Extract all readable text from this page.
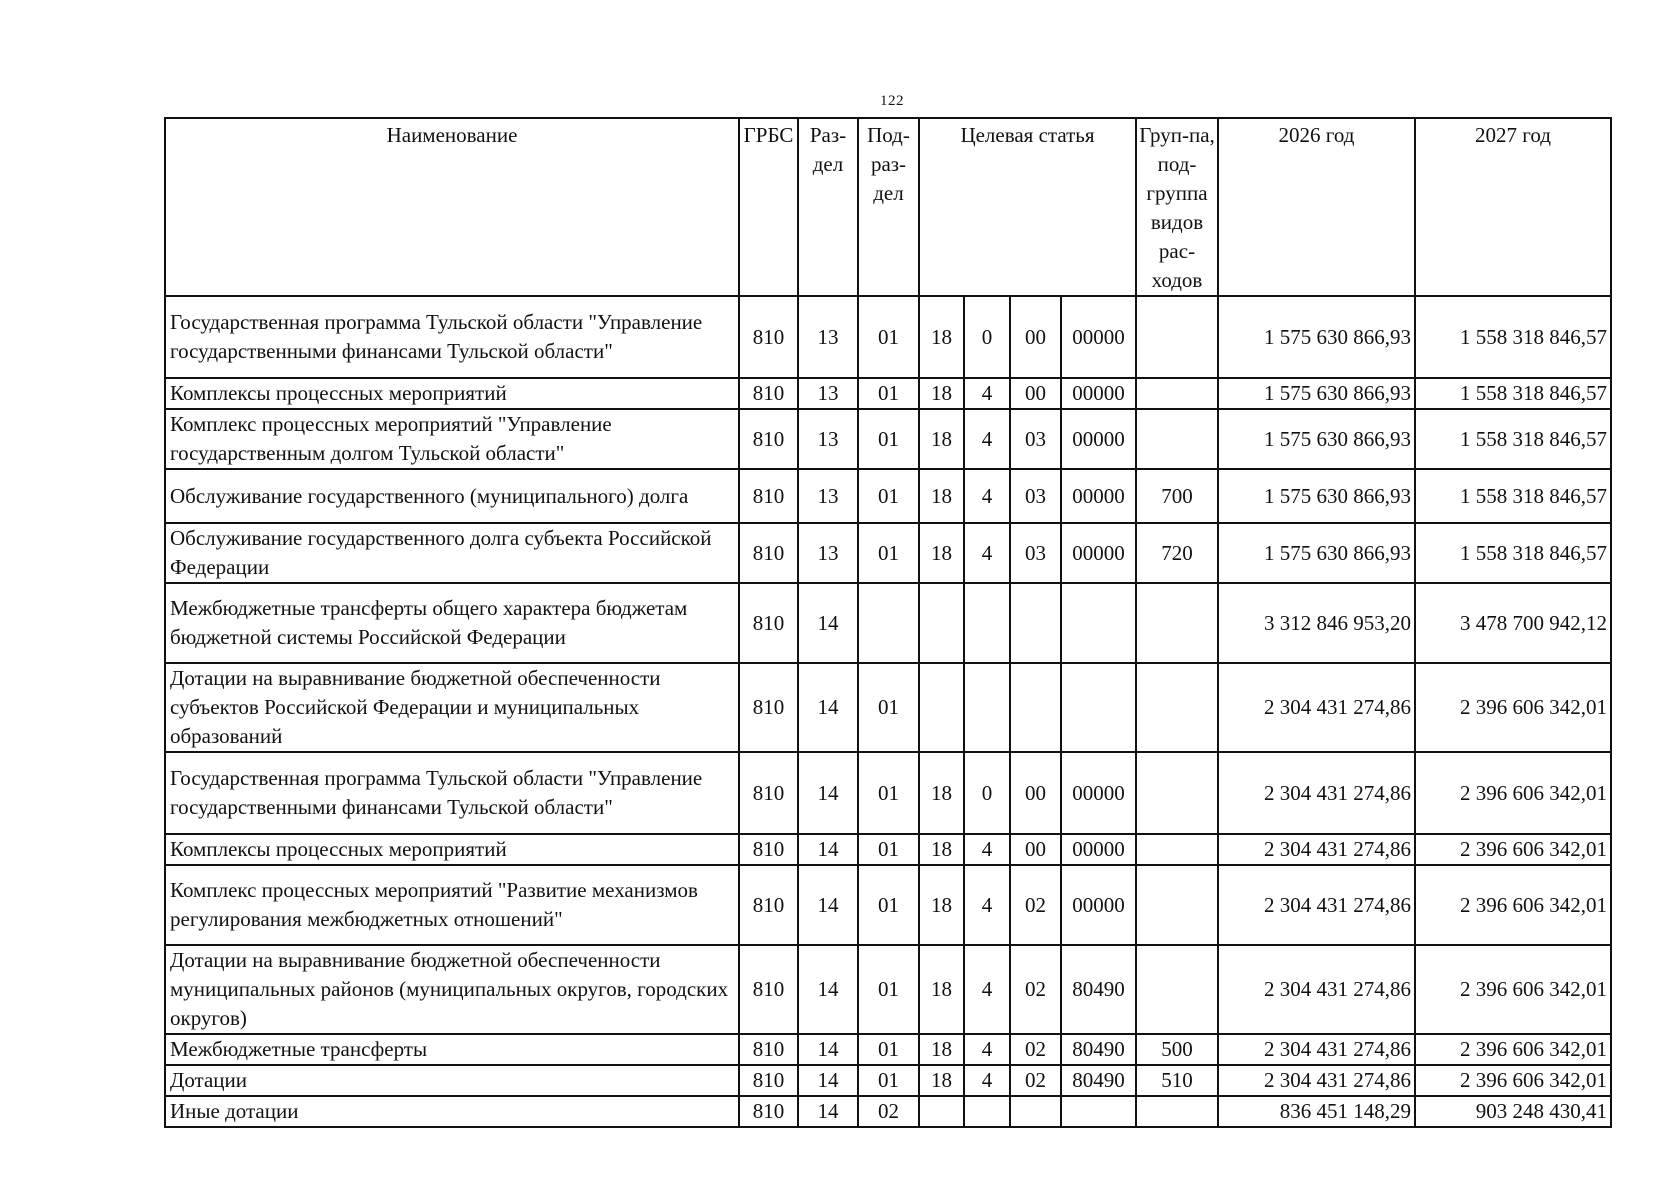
122
Наименование	ГРБС	Раз-дел	Под-раз-дел	Целевая статья				Груп-па, под-группа видов рас-ходов	2026 год	2027 год
Государственная программа Тульской области "Управление государственными финансами Тульской области"	810	13	01	18	0	00	00000		1 575 630 866,93	1 558 318 846,57
Комплексы процессных мероприятий	810	13	01	18	4	00	00000		1 575 630 866,93	1 558 318 846,57
Комплекс процессных мероприятий "Управление государственным долгом Тульской области"	810	13	01	18	4	03	00000		1 575 630 866,93	1 558 318 846,57
Обслуживание государственного (муниципального) долга	810	13	01	18	4	03	00000	700	1 575 630 866,93	1 558 318 846,57
Обслуживание государственного долга субъекта Российской Федерации	810	13	01	18	4	03	00000	720	1 575 630 866,93	1 558 318 846,57
Межбюджетные трансферты общего характера бюджетам бюджетной системы Российской Федерации	810	14							3 312 846 953,20	3 478 700 942,12
Дотации на выравнивание бюджетной обеспеченности субъектов Российской Федерации и муниципальных образований	810	14	01						2 304 431 274,86	2 396 606 342,01
Государственная программа Тульской области "Управление государственными финансами Тульской области"	810	14	01	18	0	00	00000		2 304 431 274,86	2 396 606 342,01
Комплексы процессных мероприятий	810	14	01	18	4	00	00000		2 304 431 274,86	2 396 606 342,01
Комплекс процессных мероприятий "Развитие механизмов регулирования межбюджетных отношений"	810	14	01	18	4	02	00000		2 304 431 274,86	2 396 606 342,01
Дотации на выравнивание бюджетной обеспеченности муниципальных районов (муниципальных округов, городских округов)	810	14	01	18	4	02	80490		2 304 431 274,86	2 396 606 342,01
Межбюджетные трансферты	810	14	01	18	4	02	80490	500	2 304 431 274,86	2 396 606 342,01
Дотации	810	14	01	18	4	02	80490	510	2 304 431 274,86	2 396 606 342,01
Иные дотации	810	14	02						836 451 148,29	903 248 430,41
